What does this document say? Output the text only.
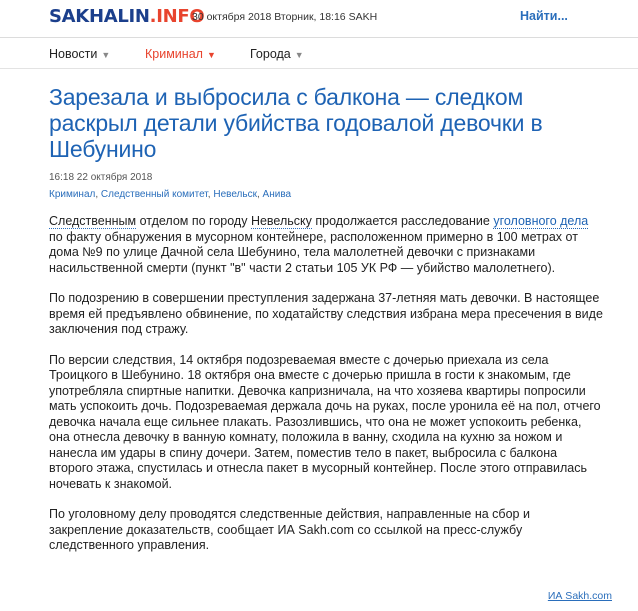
SAKHALIN.INFO
30 октября 2018 Вторник, 18:16 SAKH	Найти...
Новости ▼	Криминал ▼	Города ▼
Зарезала и выбросила с балкона — следком раскрыл детали убийства годовалой девочки в Шебунино
16:18 22 октября 2018
Криминал, Следственный комитет, Невельск, Анива

Следственным отделом по городу Невельску продолжается расследование уголовного дела по факту обнаружения в мусорном контейнере, расположенном примерно в 100 метрах от дома №9 по улице Дачной села Шебунино, тела малолетней девочки с признаками насильственной смерти (пункт "в" части 2 статьи 105 УК РФ — убийство малолетнего).

По подозрению в совершении преступления задержана 37-летняя мать девочки. В настоящее время ей предъявлено обвинение, по ходатайству следствия избрана мера пресечения в виде заключения под стражу.

По версии следствия, 14 октября подозреваемая вместе с дочерью приехала из села Троицкого в Шебунино. 18 октября она вместе с дочерью пришла в гости к знакомым, где употребляла спиртные напитки. Девочка капризничала, на что хозяева квартиры попросили мать успокоить дочь. Подозреваемая держала дочь на руках, после уронила её на пол, отчего девочка начала еще сильнее плакать. Разозлившись, что она не может успокоить ребенка, она отнесла девочку в ванную комнату, положила в ванну, сходила на кухню за ножом и нанесла им удары в спину дочери. Затем, поместив тело в пакет, выбросила с балкона второго этажа, спустилась и отнесла пакет в мусорный контейнер. После этого отправилась ночевать к знакомой.

По уголовному делу проводятся следственные действия, направленные на сбор и закрепление доказательств, сообщает ИА Sakh.com со ссылкой на пресс-службу следственного управления.

ИА Sakh.com
